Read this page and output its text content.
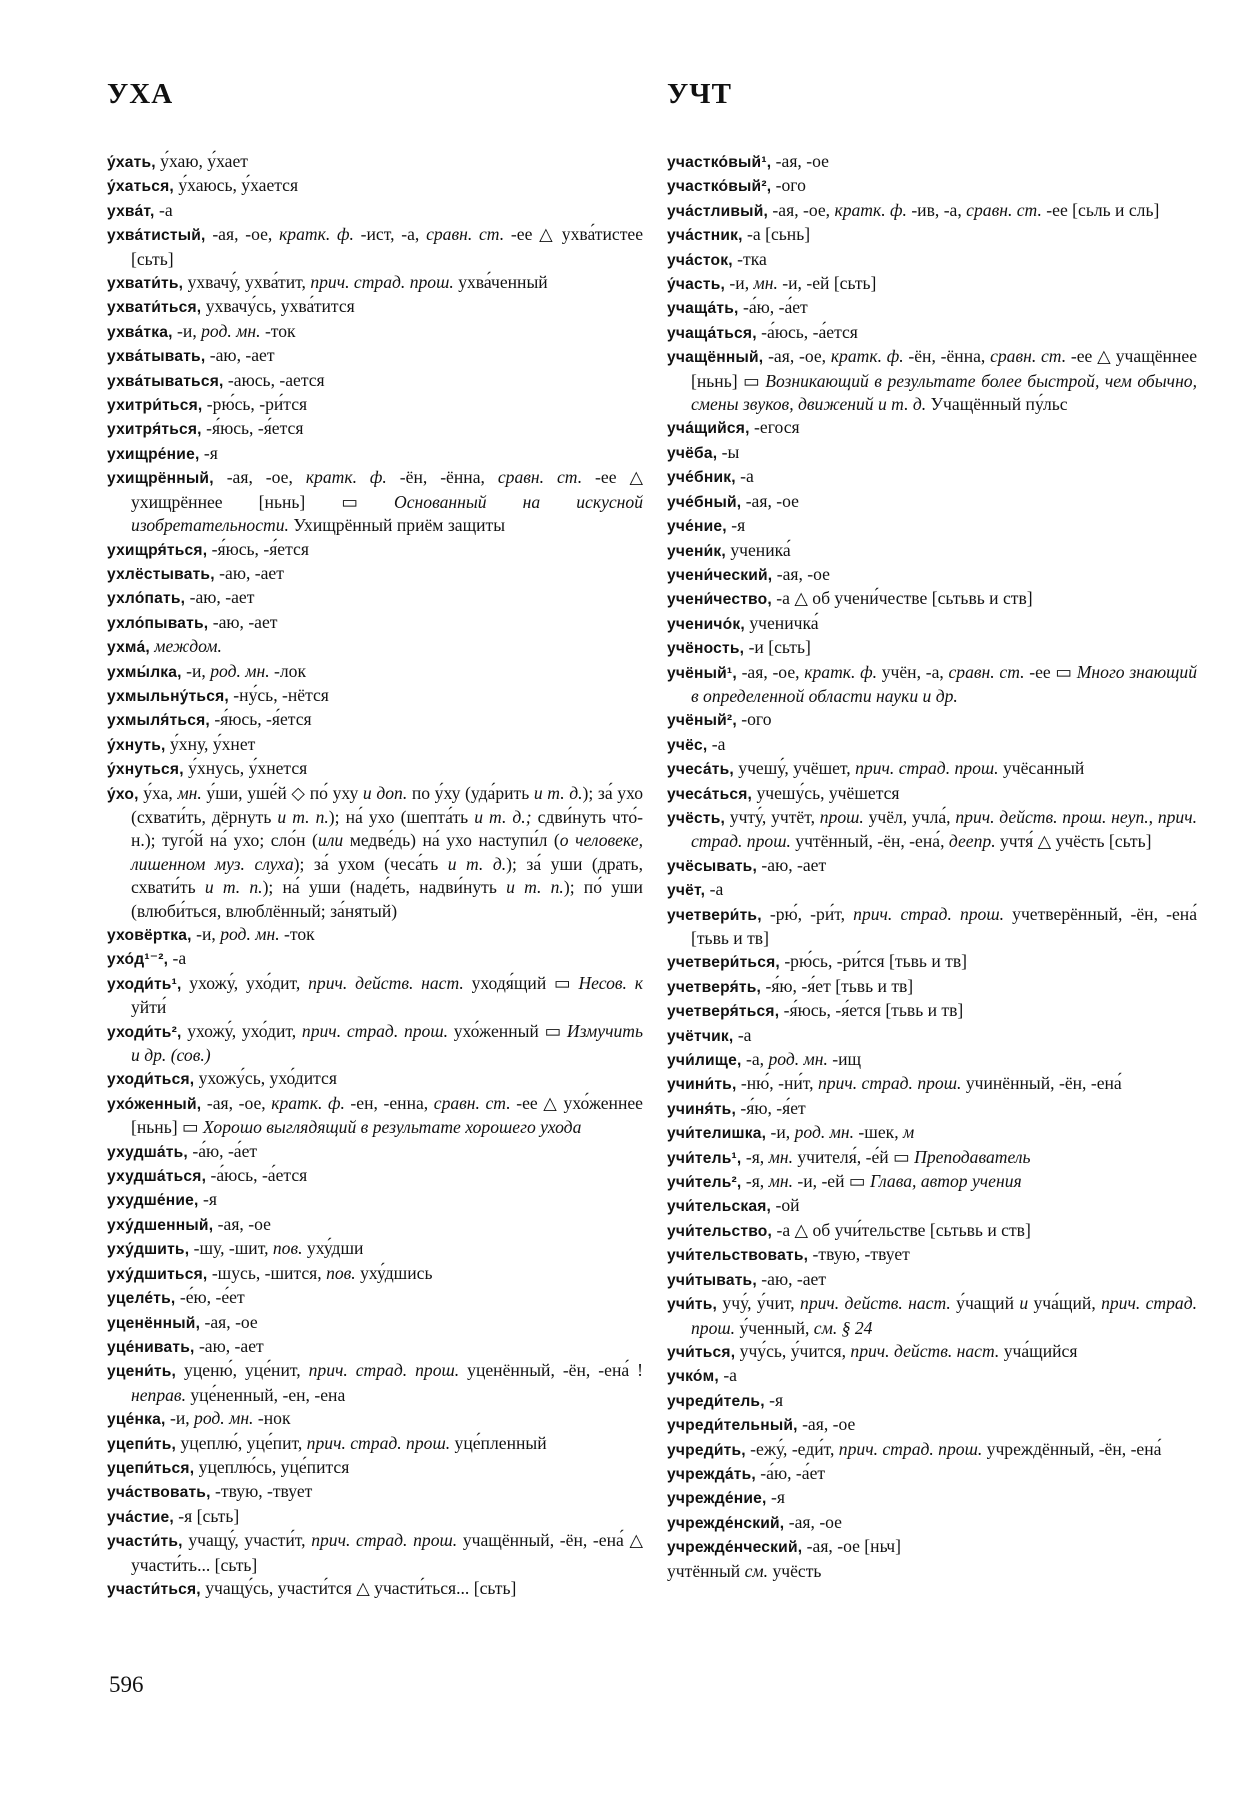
УХА	УЧТ

у́хать, у́хаю, у́хает

у́хаться, у́хаюсь, у́хается

ухва́т, -а

ухва́тистый, -ая, -ое, кратк. ф. -ист, -а, сравн. ст. -ее △ ухва́тистее [сьть]

ухвати́ть, ухвачу́, ухва́тит, прич. страд. прош. ухва́ченный

ухвати́ться, ухвачу́сь, ухва́тится

ухва́тка, -и, род. мн. -ток

ухва́тывать, -аю, -ает

ухва́тываться, -аюсь, -ается

ухитри́ться, -рю́сь, -ри́тся

ухитря́ться, -я́юсь, -я́ется

ухищре́ние, -я

ухищрённый, -ая, -ое, кратк. ф. -ён, -ённа, сравн. ст. -ее △ ухищрённее [ньнь] ▭ Основанный на искусной изобретательности. Ухищрённый приём защиты

ухищря́ться, -я́юсь, -я́ется

ухлёстывать, -аю, -ает

ухло́пать, -аю, -ает

ухло́пывать, -аю, -ает

ухма́, междом.

ухмы́лка, -и, род. мн. -лок

ухмыльну́ться, -ну́сь, -нётся

ухмыля́ться, -я́юсь, -я́ется

у́хнуть, у́хну, у́хнет

у́хнуться, у́хнусь, у́хнется

у́хо, у́ха, мн. у́ши, уше́й ◇ по́ уху и доп. по у́ху (уда́рить и т. д.); за́ ухо (схвати́ть, дёрнуть и т. п.); на́ ухо (шепта́ть и т. д.; сдви́нуть что́-н.); туго́й на́ ухо; сло́н (или медве́дь) на́ ухо наступи́л (о человеке, лишенном муз. слуха); за́ ухом (чеса́ть и т. д.); за́ уши (драть, схвати́ть и т. п.); на́ уши (наде́ть, надви́нуть и т. п.); по́ уши (влюби́ться, влюблённый; за́нятый)

уховёртка, -и, род. мн. -ток

ухо́д¹⁻², -а

уходи́ть¹, ухожу́, ухо́дит, прич. действ. наст. уходя́щий ▭ Несов. к уйти́

уходи́ть², ухожу́, ухо́дит, прич. страд. прош. ухо́женный ▭ Измучить и др. (сов.)

уходи́ться, ухожу́сь, ухо́дится

ухо́женный, -ая, -ое, кратк. ф. -ен, -енна, сравн. ст. -ее △ ухо́женнее [ньнь] ▭ Хорошо выглядящий в результате хорошего ухода

ухудша́ть, -а́ю, -а́ет

ухудша́ться, -а́юсь, -а́ется

ухудше́ние, -я

уху́дшенный, -ая, -ое

уху́дшить, -шу, -шит, пов. уху́дши

уху́дшиться, -шусь, -шится, пов. уху́дшись

уцеле́ть, -е́ю, -е́ет

уценённый, -ая, -ое

уце́нивать, -аю, -ает

уцени́ть, уценю́, уце́нит, прич. страд. прош. уценённый, -ён, -ена́ ! неправ. уце́ненный, -ен, -ена

уце́нка, -и, род. мн. -нок

уцепи́ть, уцеплю́, уце́пит, прич. страд. прош. уце́пленный

уцепи́ться, уцеплю́сь, уце́пится

уча́ствовать, -твую, -твует

уча́стие, -я [сьть]

участи́ть, учащу́, участи́т, прич. страд. прош. учащённый, -ён, -ена́ △ участи́ть... [сьть]

участи́ться, учащу́сь, участи́тся △ участи́ться... [сьть]

участко́вый¹, -ая, -ое

участко́вый², -ого

уча́стливый, -ая, -ое, кратк. ф. -ив, -а, сравн. ст. -ее [сьль и сль]

уча́стник, -а [сьнь]

уча́сток, -тка

у́часть, -и, мн. -и, -ей [сьть]

учаща́ть, -а́ю, -а́ет

учаща́ться, -а́юсь, -а́ется

учащённый, -ая, -ое, кратк. ф. -ён, -ённа, сравн. ст. -ее △ учащённее [ньнь] ▭ Возникающий в результате более быстрой, чем обычно, смены звуков, движений и т. д. Учащённый пу́льс

уча́щийся, -егося

учёба, -ы

уче́бник, -а

уче́бный, -ая, -ое

уче́ние, -я

учени́к, ученика́

учени́ческий, -ая, -ое

учени́чество, -а △ об учени́честве [сьтьвь и ств]

ученичо́к, ученичка́

учёность, -и [сьть]

учёный¹, -ая, -ое, кратк. ф. учён, -а, сравн. ст. -ее ▭ Много знающий в определенной области науки и др.

учёный², -ого

учёс, -а

учеса́ть, учешу́, учёшет, прич. страд. прош. учёсанный

учеса́ться, учешу́сь, учёшется

учёсть, учту́, учтёт, прош. учёл, учла́, прич. действ. прош. неуп., прич. страд. прош. учтённый, -ён, -ена́, деепр. учтя́ △ учёсть [сьть]

учёсывать, -аю, -ает

учёт, -а

учетвери́ть, -рю́, -ри́т, прич. страд. прош. учетверённый, -ён, -ена́ [тьвь и тв]

учетвери́ться, -рю́сь, -ри́тся [тьвь и тв]

учетверя́ть, -я́ю, -я́ет [тьвь и тв]

учетверя́ться, -я́юсь, -я́ется [тьвь и тв]

учётчик, -а

учи́лище, -а, род. мн. -ищ

учини́ть, -ню́, -ни́т, прич. страд. прош. учинённый, -ён, -ена́

учиня́ть, -я́ю, -я́ет

учи́телишка, -и, род. мн. -шек, м

учи́тель¹, -я, мн. учителя́, -е́й ▭ Преподаватель

учи́тель², -я, мн. -и, -ей ▭ Глава, автор учения

учи́тельская, -ой

учи́тельство, -а △ об учи́тельстве [сьтьвь и ств]

учи́тельствовать, -твую, -твует

учи́тывать, -аю, -ает

учи́ть, учу́, у́чит, прич. действ. наст. у́чащий и уча́щий, прич. страд. прош. у́ченный, см. § 24

учи́ться, учу́сь, у́чится, прич. действ. наст. уча́щийся

учко́м, -а

учреди́тель, -я

учреди́тельный, -ая, -ое

учреди́ть, -ежу́, -еди́т, прич. страд. прош. учреждённый, -ён, -ена́

учрежда́ть, -а́ю, -а́ет

учрежде́ние, -я

учрежде́нский, -ая, -ое

учрежде́нческий, -ая, -ое [ньч]

учтённый см. учёсть

596
